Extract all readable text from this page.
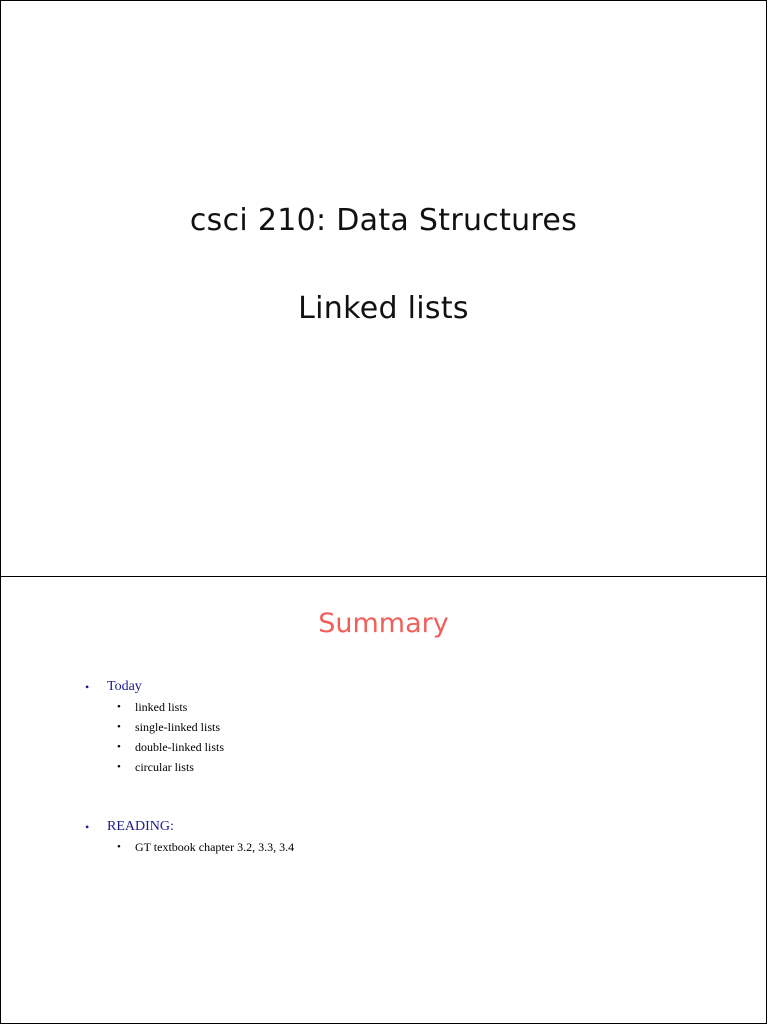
csci 210: Data Structures
Linked lists
Summary
• Today
• linked lists
• single-linked lists
• double-linked lists
• circular lists
• READING:
• GT textbook chapter 3.2, 3.3, 3.4
